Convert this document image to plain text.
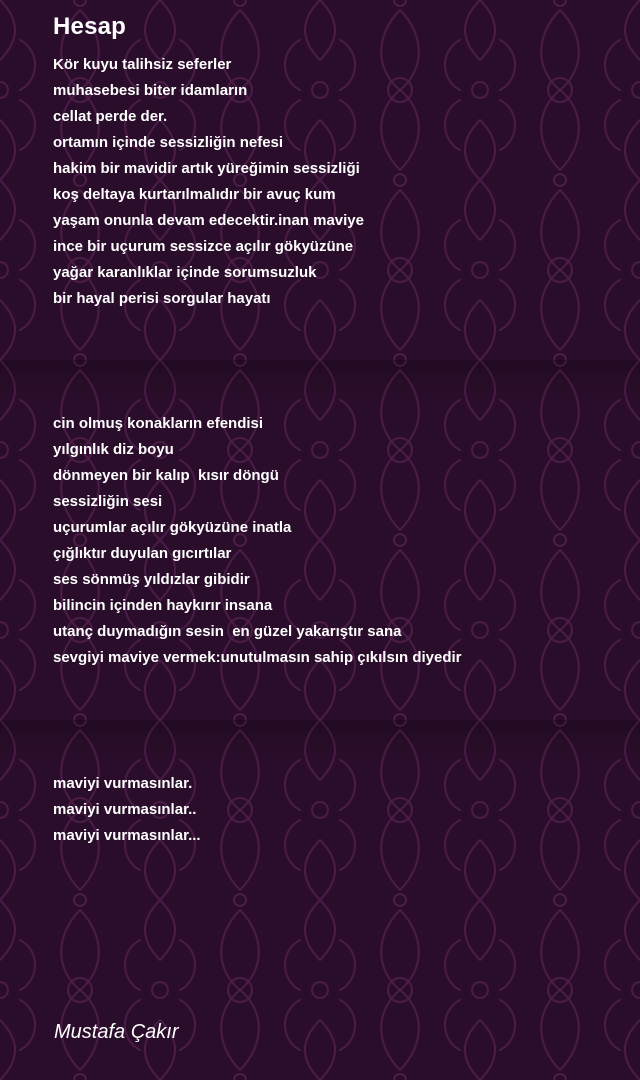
Hesap
Kör kuyu talihsiz seferler
muhasebesi biter idamların
cellat perde der.
ortamın içinde sessizliğin nefesi
hakim bir mavidir artık yüreğimin sessizliği
koş deltaya kurtarılmalıdır bir avuç kum
yaşam onunla devam edecektir.inan maviye
ince bir uçurum sessizce açılır gökyüzüne
yağar karanlıklar içinde sorumsuzluk
bir hayal perisi sorgular hayatı
cin olmuş konakların efendisi
yılgınlık diz boyu
dönmeyen bir kalıp  kısır döngü
sessizliğin sesi
uçurumlar açılır gökyüzüne inatla
çığlıktır duyulan gıcırtılar
ses sönmüş yıldızlar gibidir
bilincin içinden haykırır insana
utanç duymadığın sesin  en güzel yakarıştır sana
sevgiyi maviye vermek:unutulmasın sahip çıkılsın diyedir
maviyi vurmasınlar.
maviyi vurmasınlar..
maviyi vurmasınlar...

Mustafa Çakır
